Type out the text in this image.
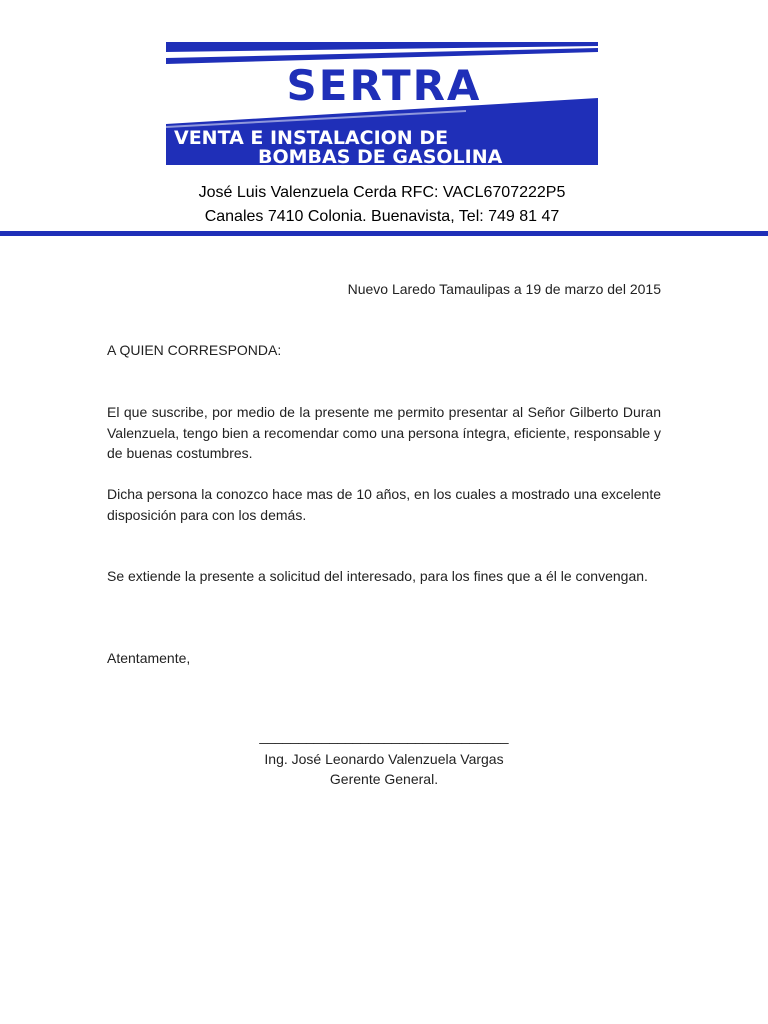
SERTRA
VENTA E INSTALACION DE
BOMBAS DE GASOLINA
José Luis Valenzuela Cerda RFC: VACL6707222P5
Canales 7410 Colonia. Buenavista, Tel: 749 81 47
Nuevo Laredo Tamaulipas a 19 de marzo del 2015
A QUIEN CORRESPONDA:
El que suscribe, por medio de la presente me permito presentar al Señor Gilberto Duran Valenzuela, tengo bien a recomendar como una persona íntegra, eficiente, responsable y de buenas costumbres.
Dicha persona la conozco hace mas de 10 años, en los cuales a mostrado una excelente disposición para con los demás.
Se extiende la presente a solicitud del interesado, para los fines que a él le convengan.
Atentamente,
________________________________
Ing. José Leonardo Valenzuela Vargas
Gerente General.
